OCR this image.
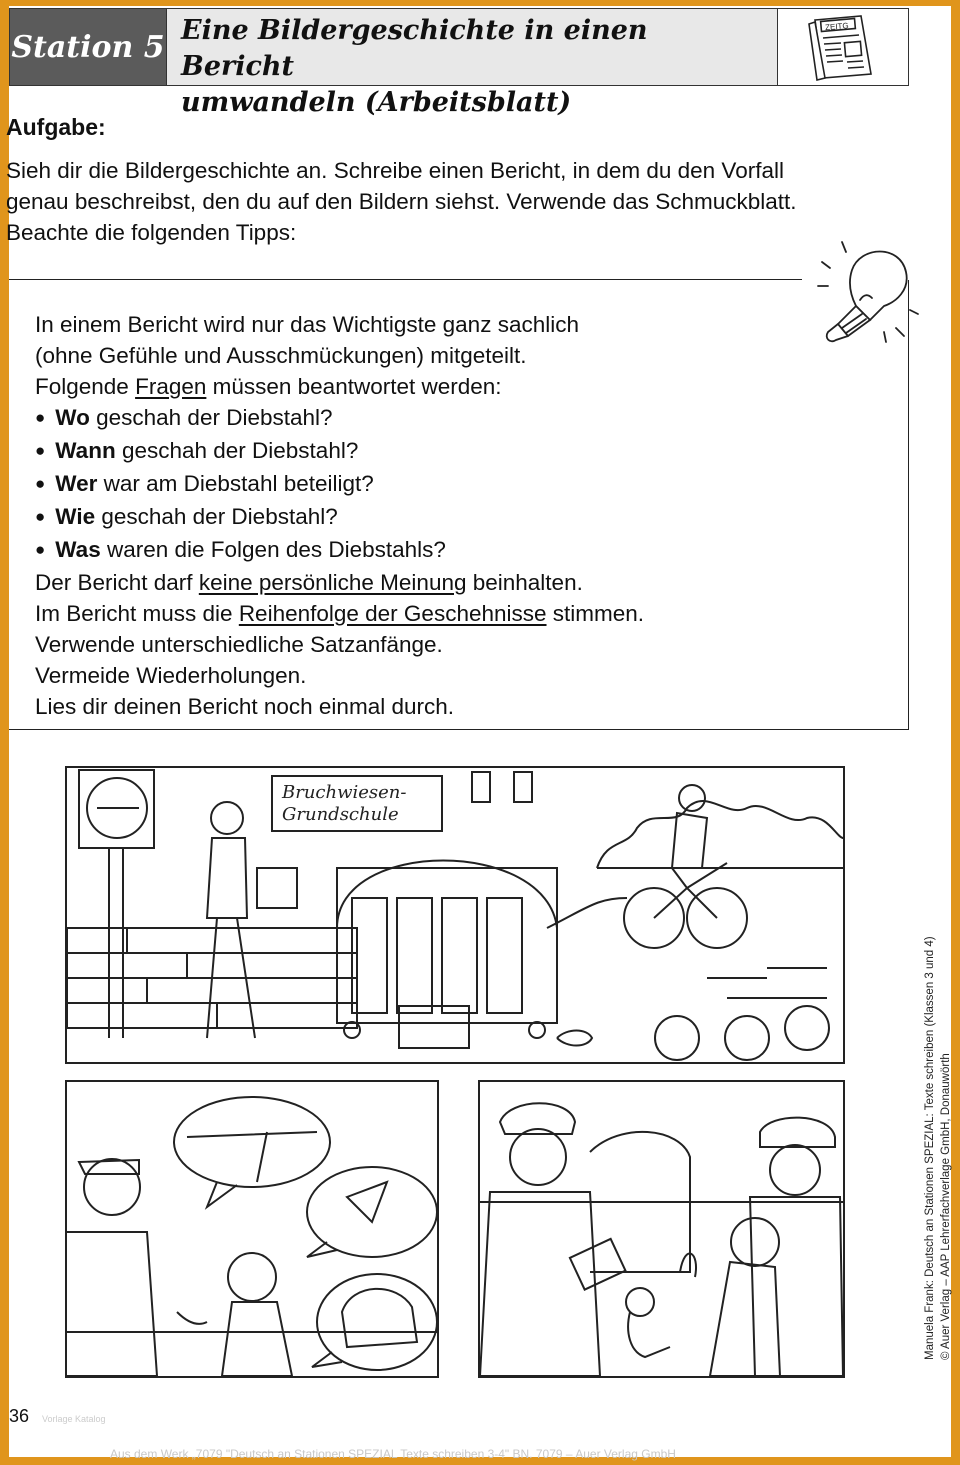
Station 5 Eine Bildergeschichte in einen Bericht
umwandeln (Arbeitsblatt)
ZEITG
Aufgabe:

Sieh dir die Bildergeschichte an. Schreibe einen Bericht, in dem du den Vorfall

genau beschreibst, den du auf den Bildern siehst. Verwende das Schmuckblatt.

Beachte die folgenden Tipps:

In einem Bericht wird nur das Wichtigste ganz sachlich

(ohne Gefühle und Ausschmückungen) mitgeteilt.

Folgende Fragen müssen beantwortet werden:

● Wo geschah der Diebstahl?

● Wann geschah der Diebstahl?

● Wer war am Diebstahl beteiligt?

● Wie geschah der Diebstahl?

● Was waren die Folgen des Diebstahls?

Der Bericht darf keine persönliche Meinung beinhalten.

Im Bericht muss die Reihenfolge der Geschehnisse stimmen.

Verwende unterschiedliche Satzanfänge.

Vermeide Wiederholungen.

Lies dir deinen Bericht noch einmal durch.

Bruchwiesen-
Grundschule
Manuela Frank: Deutsch an Stationen SPEZIAL: Texte schreiben (Klassen 3 und 4) © Auer Verlag – AAP Lehrerfachverlage GmbH, Donauwörth
36 Vorlage Katalog
Aus dem Werk „7079 "Deutsch an Stationen SPEZIAL Texte schreiben 3-4" BN. 7079 – Auer Verlag GmbH
